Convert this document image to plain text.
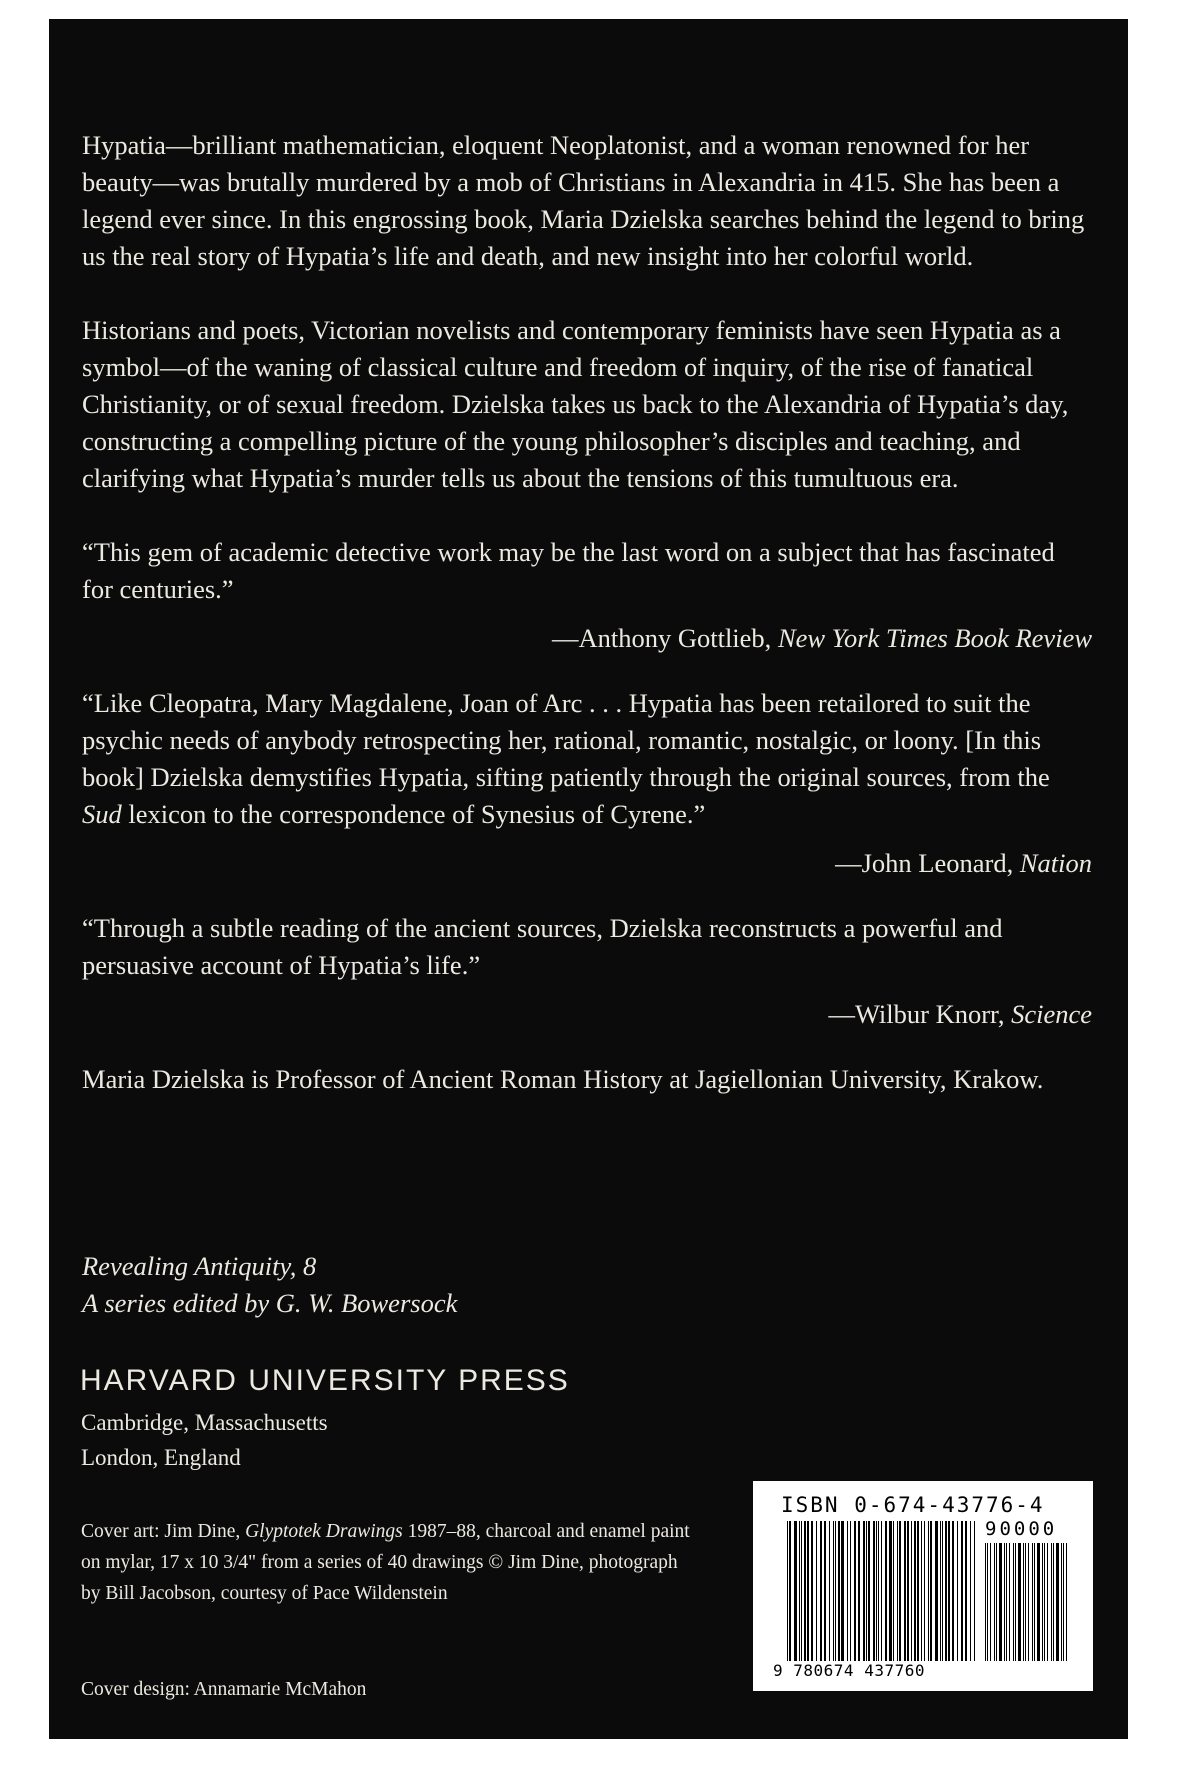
Hypatia—brilliant mathematician, eloquent Neoplatonist, and a woman renowned for her beauty—was brutally murdered by a mob of Christians in Alexandria in 415. She has been a legend ever since. In this engrossing book, Maria Dzielska searches behind the legend to bring us the real story of Hypatia’s life and death, and new insight into her colorful world.

Historians and poets, Victorian novelists and contemporary feminists have seen Hypatia as a symbol—of the waning of classical culture and freedom of inquiry, of the rise of fanatical Christianity, or of sexual freedom. Dzielska takes us back to the Alexandria of Hypatia’s day, constructing a compelling picture of the young philosopher’s disciples and teaching, and clarifying what Hypatia’s murder tells us about the tensions of this tumultuous era.

“This gem of academic detective work may be the last word on a subject that has fascinated for centuries.”

—Anthony Gottlieb, New York Times Book Review

“Like Cleopatra, Mary Magdalene, Joan of Arc . . . Hypatia has been retailored to suit the psychic needs of anybody retrospecting her, rational, romantic, nostalgic, or loony. [In this book] Dzielska demystifies Hypatia, sifting patiently through the original sources, from the Sud lexicon to the correspondence of Synesius of Cyrene.”

—John Leonard, Nation

“Through a subtle reading of the ancient sources, Dzielska reconstructs a powerful and persuasive account of Hypatia’s life.”

—Wilbur Knorr, Science

Maria Dzielska is Professor of Ancient Roman History at Jagiellonian University, Krakow.

Revealing Antiquity, 8
A series edited by G. W. Bowersock
HARVARD UNIVERSITY PRESS
Cambridge, Massachusetts
London, England
Cover art: Jim Dine, Glyptotek Drawings 1987–88, charcoal and enamel paint on mylar, 17 x 10 3/4" from a series of 40 drawings © Jim Dine, photograph by Bill Jacobson, courtesy of Pace Wildenstein
Cover design: Annamarie McMahon
ISBN 0-674-43776-4
90000
9 780674 437760
